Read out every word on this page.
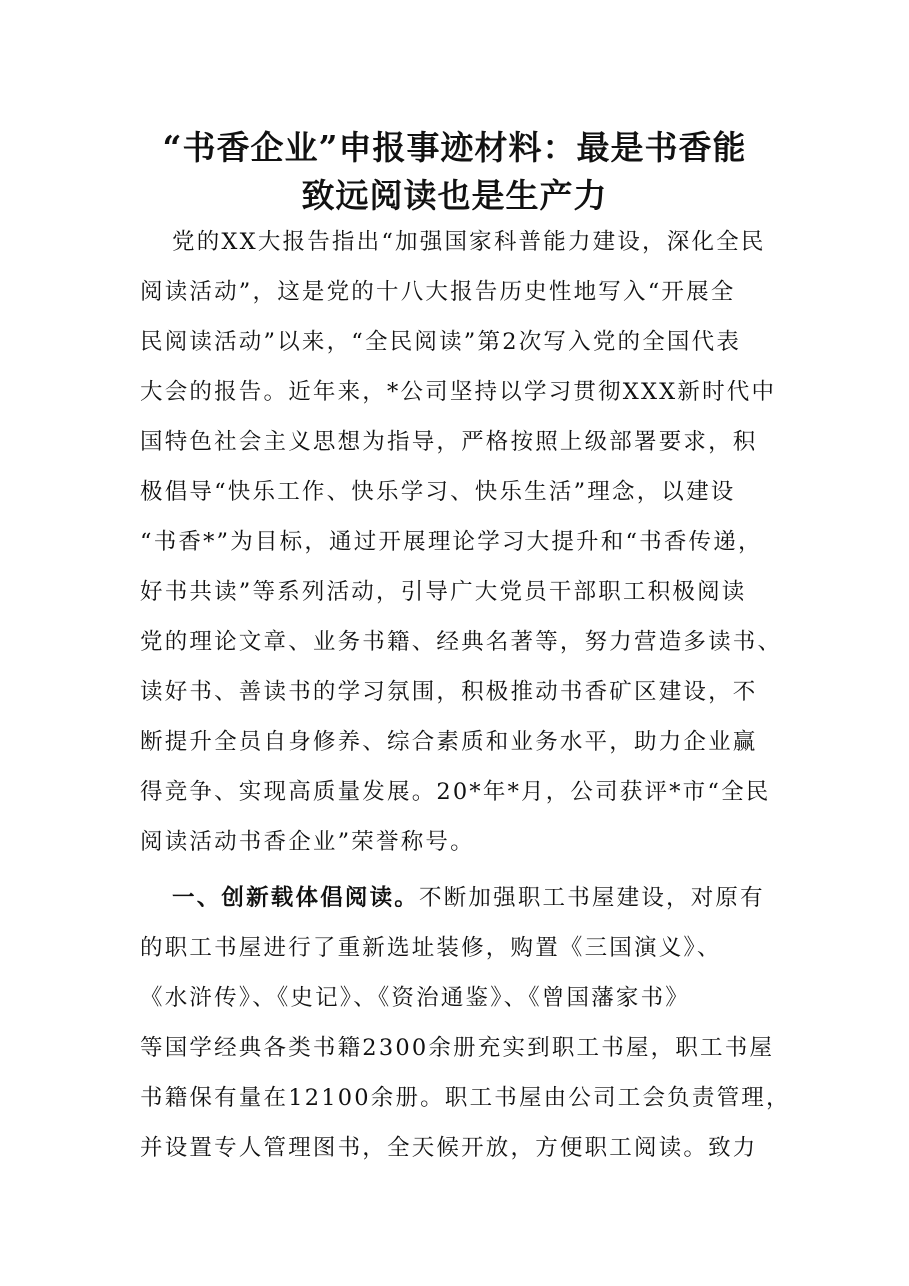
“书香企业”申报事迹材料：最是书香能
致远阅读也是生产力
党的XX大报告指出“加强国家科普能力建设，深化全民
阅读活动”，这是党的十八大报告历史性地写入“开展全
民阅读活动”以来，“全民阅读”第2次写入党的全国代表
大会的报告。近年来，*公司坚持以学习贯彻XXX新时代中
国特色社会主义思想为指导，严格按照上级部署要求，积
极倡导“快乐工作、快乐学习、快乐生活”理念，以建设
“书香*”为目标，通过开展理论学习大提升和“书香传递，
好书共读”等系列活动，引导广大党员干部职工积极阅读
党的理论文章、业务书籍、经典名著等，努力营造多读书、
读好书、善读书的学习氛围，积极推动书香矿区建设，不
断提升全员自身修养、综合素质和业务水平，助力企业赢
得竞争、实现高质量发展。20*年*月，公司获评*市“全民
阅读活动书香企业”荣誉称号。
一、创新载体倡阅读。不断加强职工书屋建设，对原有
的职工书屋进行了重新选址装修，购置《三国演义》、
《水浒传》、《史记》、《资治通鉴》、《曾国藩家书》
等国学经典各类书籍2300余册充实到职工书屋，职工书屋
书籍保有量在12100余册。职工书屋由公司工会负责管理，
并设置专人管理图书，全天候开放，方便职工阅读。致力
